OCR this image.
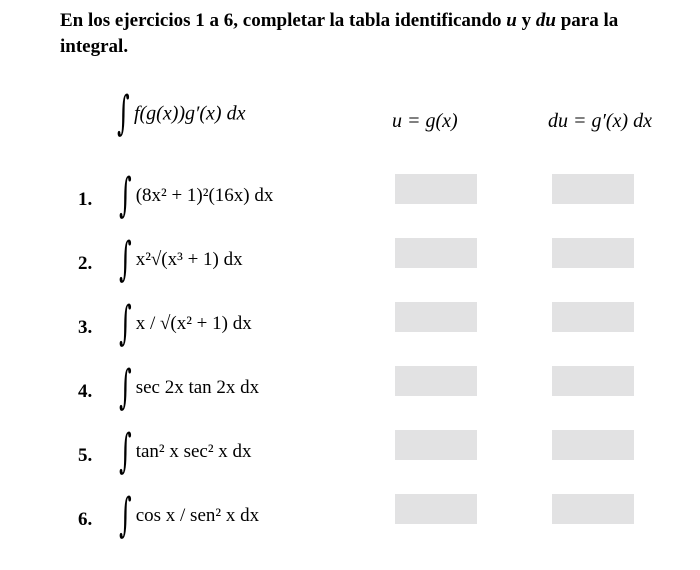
En los ejercicios 1 a 6, completar la tabla identificando u y du para la integral.

∫ f(g(x))g′(x) dx	u = g(x)	du = g′(x) dx
1. ∫ (8x² + 1)²(16x) dx
2. ∫ x²√(x³ + 1) dx
3. ∫ x / √(x² + 1) dx
4. ∫ sec 2x tan 2x dx
5. ∫ tan² x sec² x dx
6. ∫ cos x / sen² x dx
